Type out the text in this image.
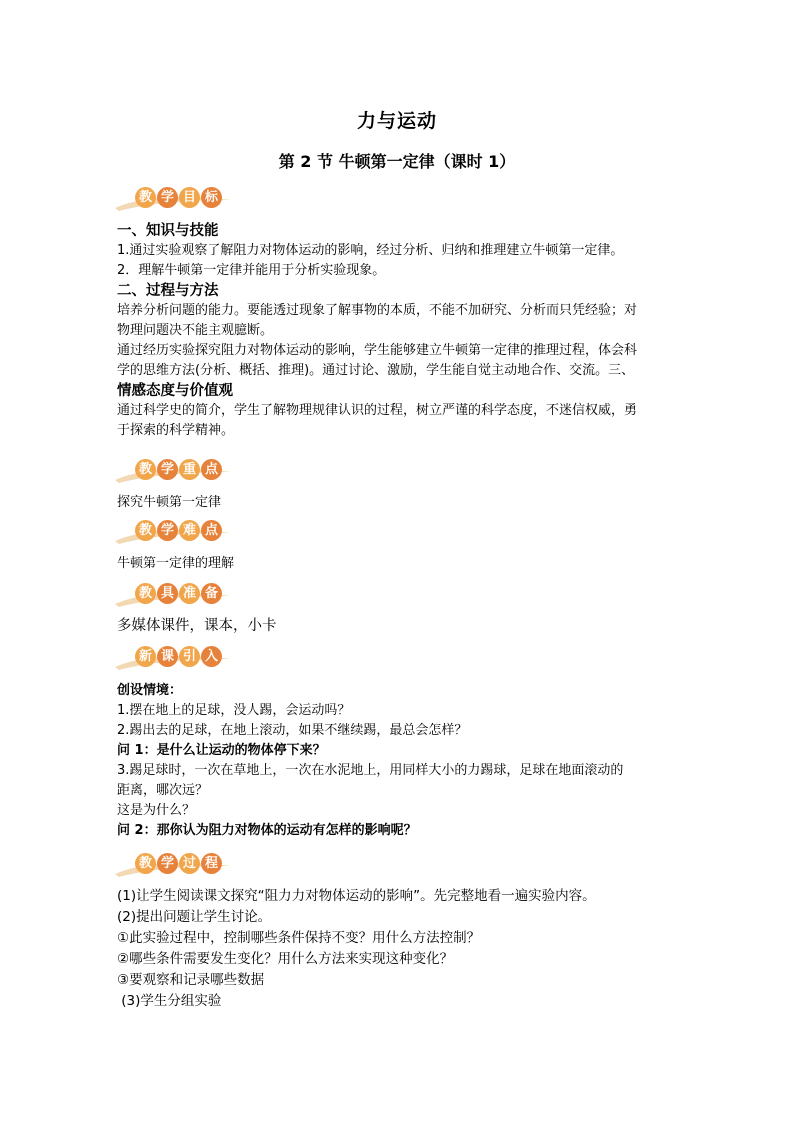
力与运动
第 2 节 牛顿第一定律（课时 1）
教 学 目 标
一、知识与技能
1.通过实验观察了解阻力对物体运动的影响，经过分析、归纳和推理建立牛顿第一定律。
2．理解牛顿第一定律并能用于分析实验现象。
二、过程与方法
培养分析问题的能力。要能透过现象了解事物的本质，不能不加研究、分析而只凭经验；对
物理问题决不能主观臆断。
通过经历实验探究阻力对物体运动的影响，学生能够建立牛顿第一定律的推理过程，体会科
学的思维方法(分析、概括、推理)。通过讨论、激励，学生能自觉主动地合作、交流。三、
情感态度与价值观
通过科学史的简介，学生了解物理规律认识的过程，树立严谨的科学态度，不迷信权威，勇
于探索的科学精神。
教 学 重 点
探究牛顿第一定律
教 学 难 点
牛顿第一定律的理解
教 具 准 备
多媒体课件，课本，小卡
新 课 引 入
创设情境：
1.摆在地上的足球，没人踢，会运动吗？
2.踢出去的足球，在地上滚动，如果不继续踢，最总会怎样？
问 1：是什么让运动的物体停下来？
3.踢足球时，一次在草地上，一次在水泥地上，用同样大小的力踢球，足球在地面滚动的
距离，哪次远？
这是为什么？
问 2：那你认为阻力对物体的运动有怎样的影响呢？
教 学 过 程
(1)让学生阅读课文探究“阻力力对物体运动的影响”。先完整地看一遍实验内容。
(2)提出问题让学生讨论。
①此实验过程中，控制哪些条件保持不变？用什么方法控制？
②哪些条件需要发生变化？用什么方法来实现这种变化？
③要观察和记录哪些数据
(3)学生分组实验
